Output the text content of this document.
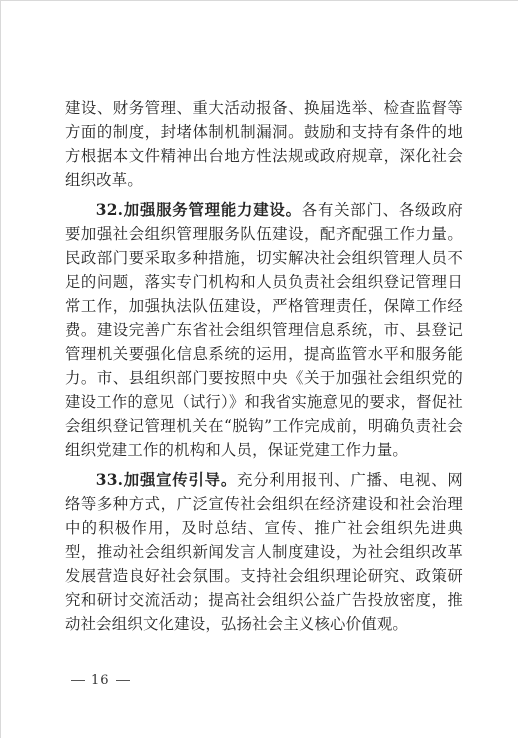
建设、财务管理、重大活动报备、换届选举、检查监督等方面的制度，封堵体制机制漏洞。鼓励和支持有条件的地方根据本文件精神出台地方性法规或政府规章，深化社会组织改革。

32.加强服务管理能力建设。各有关部门、各级政府要加强社会组织管理服务队伍建设，配齐配强工作力量。民政部门要采取多种措施，切实解决社会组织管理人员不足的问题，落实专门机构和人员负责社会组织登记管理日常工作，加强执法队伍建设，严格管理责任，保障工作经费。建设完善广东省社会组织管理信息系统，市、县登记管理机关要强化信息系统的运用，提高监管水平和服务能力。市、县组织部门要按照中央《关于加强社会组织党的建设工作的意见（试行）》和我省实施意见的要求，督促社会组织登记管理机关在“脱钩”工作完成前，明确负责社会组织党建工作的机构和人员，保证党建工作力量。

33.加强宣传引导。充分利用报刊、广播、电视、网络等多种方式，广泛宣传社会组织在经济建设和社会治理中的积极作用，及时总结、宣传、推广社会组织先进典型，推动社会组织新闻发言人制度建设，为社会组织改革发展营造良好社会氛围。支持社会组织理论研究、政策研究和研讨交流活动；提高社会组织公益广告投放密度，推动社会组织文化建设，弘扬社会主义核心价值观。

16
